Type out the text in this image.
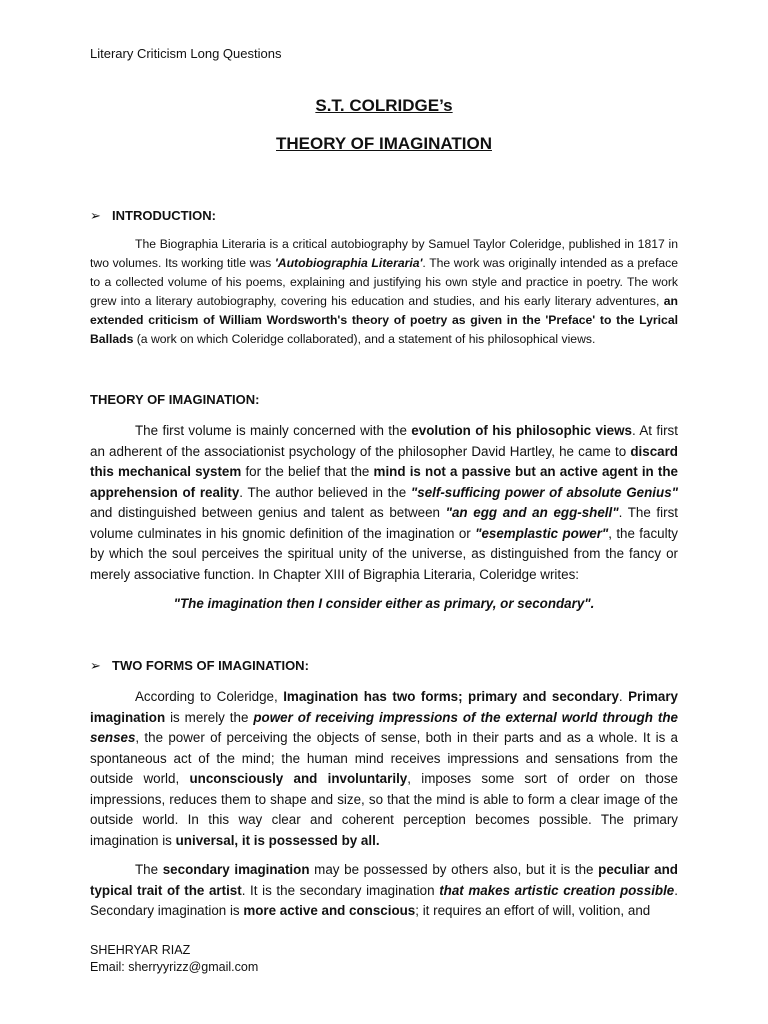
Literary Criticism Long Questions
S.T. COLRIDGE’s
THEORY OF IMAGINATION
➢ INTRODUCTION:
The Biographia Literaria is a critical autobiography by Samuel Taylor Coleridge, published in 1817 in two volumes. Its working title was 'Autobiographia Literaria'. The work was originally intended as a preface to a collected volume of his poems, explaining and justifying his own style and practice in poetry. The work grew into a literary autobiography, covering his education and studies, and his early literary adventures, an extended criticism of William Wordsworth's theory of poetry as given in the 'Preface' to the Lyrical Ballads (a work on which Coleridge collaborated), and a statement of his philosophical views.
THEORY OF IMAGINATION:
The first volume is mainly concerned with the evolution of his philosophic views. At first an adherent of the associationist psychology of the philosopher David Hartley, he came to discard this mechanical system for the belief that the mind is not a passive but an active agent in the apprehension of reality. The author believed in the "self-sufficing power of absolute Genius" and distinguished between genius and talent as between "an egg and an egg-shell". The first volume culminates in his gnomic definition of the imagination or "esemplastic power", the faculty by which the soul perceives the spiritual unity of the universe, as distinguished from the fancy or merely associative function. In Chapter XIII of Bigraphia Literaria, Coleridge writes:
"The imagination then I consider either as primary, or secondary".
➢ TWO FORMS OF IMAGINATION:
According to Coleridge, Imagination has two forms; primary and secondary. Primary imagination is merely the power of receiving impressions of the external world through the senses, the power of perceiving the objects of sense, both in their parts and as a whole. It is a spontaneous act of the mind; the human mind receives impressions and sensations from the outside world, unconsciously and involuntarily, imposes some sort of order on those impressions, reduces them to shape and size, so that the mind is able to form a clear image of the outside world. In this way clear and coherent perception becomes possible. The primary imagination is universal, it is possessed by all.
The secondary imagination may be possessed by others also, but it is the peculiar and typical trait of the artist. It is the secondary imagination that makes artistic creation possible. Secondary imagination is more active and conscious; it requires an effort of will, volition, and
SHEHRYAR RIAZ
Email: sherryyrizz@gmail.com
